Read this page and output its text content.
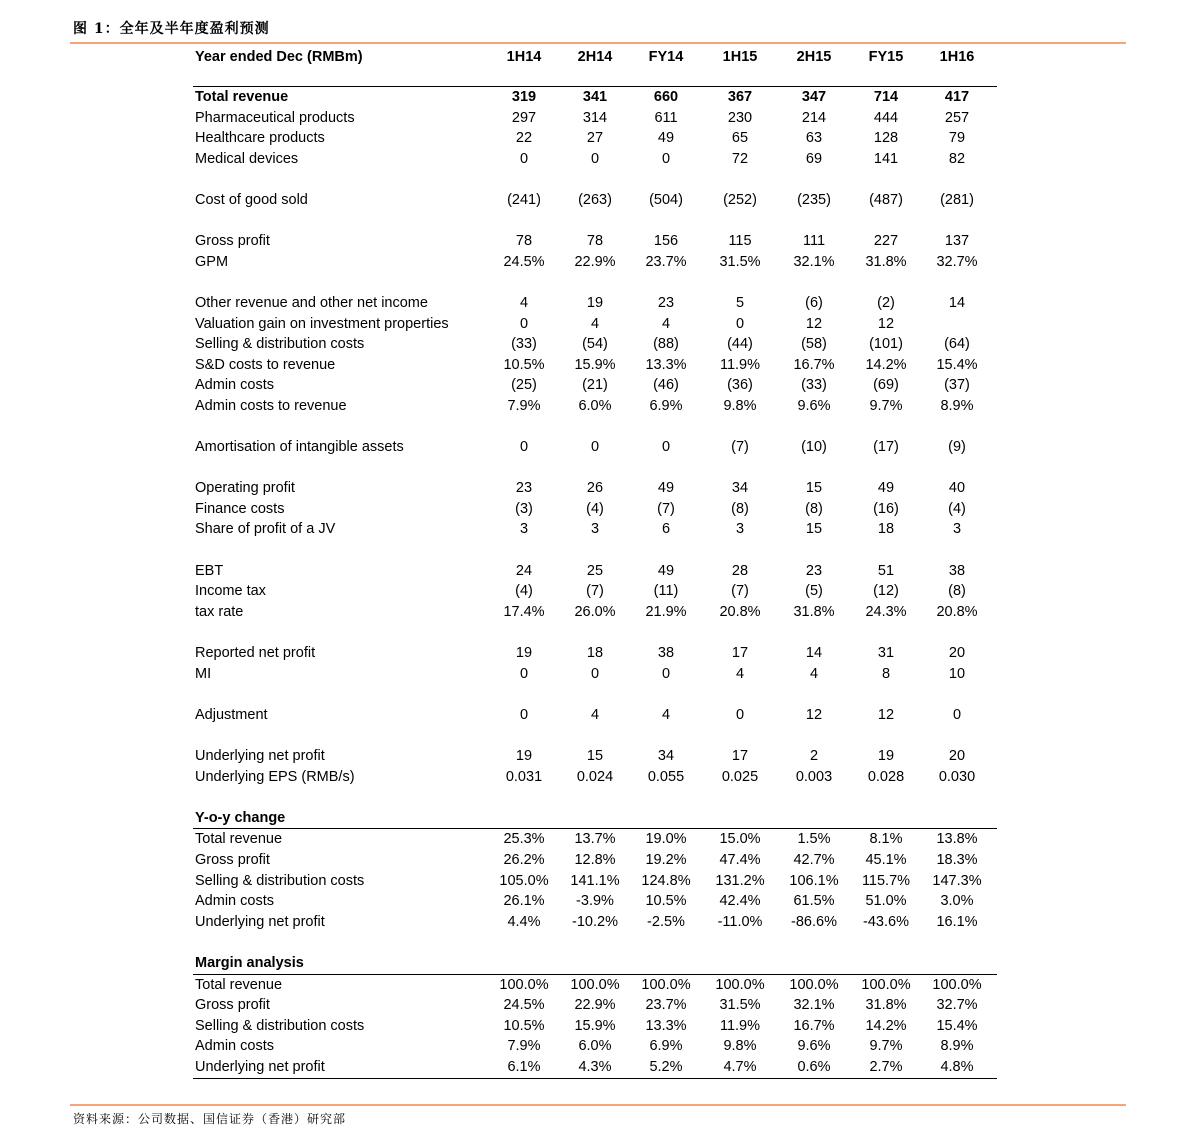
图 1：全年及半年度盈利预测
Year ended Dec (RMBm)	1H14	2H14	FY14	1H15	2H15	FY15	1H16
Total revenue	319	341	660	367	347	714	417
Pharmaceutical products	297	314	611	230	214	444	257
Healthcare products	22	27	49	65	63	128	79
Medical devices	0	0	0	72	69	141	82
Cost of good sold	(241)	(263)	(504)	(252)	(235)	(487)	(281)
Gross profit	78	78	156	115	111	227	137
GPM	24.5%	22.9%	23.7%	31.5%	32.1%	31.8%	32.7%
Other revenue and other net income	4	19	23	5	(6)	(2)	14
Valuation gain on investment properties	0	4	4	0	12	12
Selling & distribution costs	(33)	(54)	(88)	(44)	(58)	(101)	(64)
S&D costs to revenue	10.5%	15.9%	13.3%	11.9%	16.7%	14.2%	15.4%
Admin costs	(25)	(21)	(46)	(36)	(33)	(69)	(37)
Admin costs to revenue	7.9%	6.0%	6.9%	9.8%	9.6%	9.7%	8.9%
Amortisation of intangible assets	0	0	0	(7)	(10)	(17)	(9)
Operating profit	23	26	49	34	15	49	40
Finance costs	(3)	(4)	(7)	(8)	(8)	(16)	(4)
Share of profit of a JV	3	3	6	3	15	18	3
EBT	24	25	49	28	23	51	38
Income tax	(4)	(7)	(11)	(7)	(5)	(12)	(8)
tax rate	17.4%	26.0%	21.9%	20.8%	31.8%	24.3%	20.8%
Reported net profit	19	18	38	17	14	31	20
MI	0	0	0	4	4	8	10
Adjustment	0	4	4	0	12	12	0
Underlying net profit	19	15	34	17	2	19	20
Underlying EPS (RMB/s)	0.031	0.024	0.055	0.025	0.003	0.028	0.030
Y-o-y change
Total revenue	25.3%	13.7%	19.0%	15.0%	1.5%	8.1%	13.8%
Gross profit	26.2%	12.8%	19.2%	47.4%	42.7%	45.1%	18.3%
Selling & distribution costs	105.0%	141.1%	124.8%	131.2%	106.1%	115.7%	147.3%
Admin costs	26.1%	-3.9%	10.5%	42.4%	61.5%	51.0%	3.0%
Underlying net profit	4.4%	-10.2%	-2.5%	-11.0%	-86.6%	-43.6%	16.1%
Margin analysis
Total revenue	100.0%	100.0%	100.0%	100.0%	100.0%	100.0%	100.0%
Gross profit	24.5%	22.9%	23.7%	31.5%	32.1%	31.8%	32.7%
Selling & distribution costs	10.5%	15.9%	13.3%	11.9%	16.7%	14.2%	15.4%
Admin costs	7.9%	6.0%	6.9%	9.8%	9.6%	9.7%	8.9%
Underlying net profit	6.1%	4.3%	5.2%	4.7%	0.6%	2.7%	4.8%
资料来源：公司数据、国信证券（香港）研究部
